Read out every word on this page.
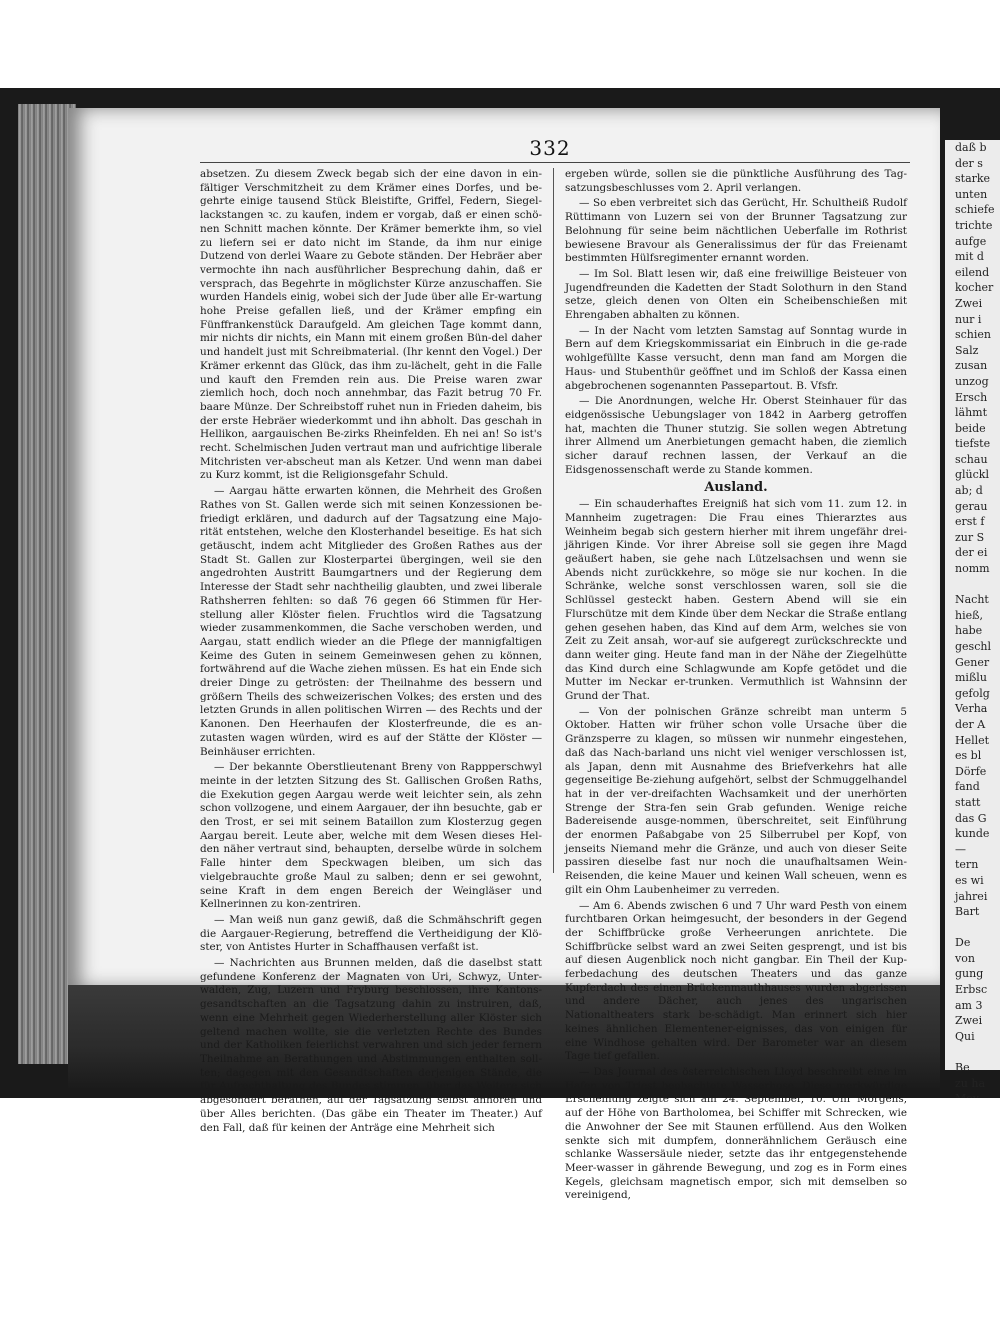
daß b
der s
starke
unten
schiefe
trichte
aufge
mit d
eilend
kocher
Zwei
nur i
schien
Salz
zusan
unzog
Ersch
lähmt
beide
tiefste
schau
glückl
ab; d
gerau
erst f
zur S
der ei
nomm

Nacht
hieß,
habe
geschl
Gener
mißlu
gefolg
Verha
der A
Hellet
es bl
Dörfe
fand
statt
das G
kunde
—
tern
es wi
jahrei
Bart

De
von
gung
Erbsc
am 3
Zwei
Qui

Be
zu ha

332

absetzen. Zu diesem Zweck begab sich der eine davon in ein-fältiger Verschmitzheit zu dem Krämer eines Dorfes, und be-gehrte einige tausend Stück Bleistifte, Griffel, Federn, Siegel-lackstangen ꝛc. zu kaufen, indem er vorgab, daß er einen schö-nen Schnitt machen könnte. Der Krämer bemerkte ihm, so viel zu liefern sei er dato nicht im Stande, da ihm nur einige Dutzend von derlei Waare zu Gebote ständen. Der Hebräer aber vermochte ihn nach ausführlicher Besprechung dahin, daß er versprach, das Begehrte in möglichster Kürze anzuschaffen. Sie wurden Handels einig, wobei sich der Jude über alle Er-wartung hohe Preise gefallen ließ, und der Krämer empfing ein Fünffrankenstück Daraufgeld. Am gleichen Tage kommt dann, mir nichts dir nichts, ein Mann mit einem großen Bün-del daher und handelt just mit Schreibmaterial. (Ihr kennt den Vogel.) Der Krämer erkennt das Glück, das ihm zu-lächelt, geht in die Falle und kauft den Fremden rein aus. Die Preise waren zwar ziemlich hoch, doch noch annehmbar, das Fazit betrug 70 Fr. baare Münze. Der Schreibstoff ruhet nun in Frieden daheim, bis der erste Hebräer wiederkommt und ihn abholt. Das geschah in Hellikon, aargauischen Be-zirks Rheinfelden. Eh nei an! So ist's recht. Schelmischen Juden vertraut man und aufrichtige liberale Mitchristen ver-abscheut man als Ketzer. Und wenn man dabei zu Kurz kommt, ist die Religionsgefahr Schuld.

— Aargau hätte erwarten können, die Mehrheit des Großen Rathes von St. Gallen werde sich mit seinen Konzessionen be-friedigt erklären, und dadurch auf der Tagsatzung eine Majo-rität entstehen, welche den Klosterhandel beseitige. Es hat sich getäuscht, indem acht Mitglieder des Großen Rathes aus der Stadt St. Gallen zur Klosterpartei übergingen, weil sie den angedrohten Austritt Baumgartners und der Regierung dem Interesse der Stadt sehr nachtheilig glaubten, und zwei liberale Rathsherren fehlten: so daß 76 gegen 66 Stimmen für Her-stellung aller Klöster fielen. Fruchtlos wird die Tagsatzung wieder zusammenkommen, die Sache verschoben werden, und Aargau, statt endlich wieder an die Pflege der mannigfaltigen Keime des Guten in seinem Gemeinwesen gehen zu können, fortwährend auf die Wache ziehen müssen. Es hat ein Ende sich dreier Dinge zu getrösten: der Theilnahme des bessern und größern Theils des schweizerischen Volkes; des ersten und des letzten Grunds in allen politischen Wirren — des Rechts und der Kanonen. Den Heerhaufen der Klosterfreunde, die es an-zutasten wagen würden, wird es auf der Stätte der Klöster — Beinhäuser errichten.

— Der bekannte Oberstlieutenant Breny von Rappperschwyl meinte in der letzten Sitzung des St. Gallischen Großen Raths, die Exekution gegen Aargau werde weit leichter sein, als zehn schon vollzogene, und einem Aargauer, der ihn besuchte, gab er den Trost, er sei mit seinem Bataillon zum Klosterzug gegen Aargau bereit. Leute aber, welche mit dem Wesen dieses Hel-den näher vertraut sind, behaupten, derselbe würde in solchem Falle hinter dem Speckwagen bleiben, um sich das vielgebrauchte große Maul zu salben; denn er sei gewohnt, seine Kraft in dem engen Bereich der Weingläser und Kellnerinnen zu kon-zentriren.

— Man weiß nun ganz gewiß, daß die Schmähschrift gegen die Aargauer-Regierung, betreffend die Vertheidigung der Klö-ster, von Antistes Hurter in Schaffhausen verfaßt ist.

— Nachrichten aus Brunnen melden, daß die daselbst statt gefundene Konferenz der Magnaten von Uri, Schwyz, Unter-walden, Zug, Luzern und Fryburg beschlossen, ihre Kantons-gesandtschaften an die Tagsatzung dahin zu instruiren, daß, wenn eine Mehrheit gegen Wiederherstellung aller Klöster sich geltend machen wollte, sie die verletzten Rechte des Bundes und der Katholiken feierlichst verwahren und sich jeder fernern Theilnahme an Berathungen und Abstimmungen enthalten soll-ten; dagegen mit den Gesandtschaften derjenigen Stände, die für Aufrechthaltung des Bundes stimmen, über das Weitere sich abgesondert berathen, auf der Tagsatzung selbst anhören und über Alles berichten. (Das gäbe ein Theater im Theater.) Auf den Fall, daß für keinen der Anträge eine Mehrheit sich

ergeben würde, sollen sie die pünktliche Ausführung des Tag-satzungsbeschlusses vom 2. April verlangen.

— So eben verbreitet sich das Gerücht, Hr. Schultheiß Rudolf Rüttimann von Luzern sei von der Brunner Tagsatzung zur Belohnung für seine beim nächtlichen Ueberfalle im Rothrist bewiesene Bravour als Generalissimus der für das Freienamt bestimmten Hülfsregimenter ernannt worden.

— Im Sol. Blatt lesen wir, daß eine freiwillige Beisteuer von Jugendfreunden die Kadetten der Stadt Solothurn in den Stand setze, gleich denen von Olten ein Scheibenschießen mit Ehrengaben abhalten zu können.

— In der Nacht vom letzten Samstag auf Sonntag wurde in Bern auf dem Kriegskommissariat ein Einbruch in die ge-rade wohlgefüllte Kasse versucht, denn man fand am Morgen die Haus- und Stubenthür geöffnet und im Schloß der Kassa einen abgebrochenen sogenannten Passepartout. B. Vfsfr.

— Die Anordnungen, welche Hr. Oberst Steinhauer für das eidgenössische Uebungslager von 1842 in Aarberg getroffen hat, machten die Thuner stutzig. Sie sollen wegen Abtretung ihrer Allmend um Anerbietungen gemacht haben, die ziemlich sicher darauf rechnen lassen, der Verkauf an die Eidsgenossenschaft werde zu Stande kommen.

Ausland.

— Ein schauderhaftes Ereigniß hat sich vom 11. zum 12. in Mannheim zugetragen: Die Frau eines Thierarztes aus Weinheim begab sich gestern hierher mit ihrem ungefähr drei-jährigen Kinde. Vor ihrer Abreise soll sie gegen ihre Magd geäußert haben, sie gehe nach Lützelsachsen und wenn sie Abends nicht zurückkehre, so möge sie nur kochen. In die Schränke, welche sonst verschlossen waren, soll sie die Schlüssel gesteckt haben. Gestern Abend will sie ein Flurschütze mit dem Kinde über dem Neckar die Straße entlang gehen gesehen haben, das Kind auf dem Arm, welches sie von Zeit zu Zeit ansah, wor-auf sie aufgeregt zurückschreckte und dann weiter ging. Heute fand man in der Nähe der Ziegelhütte das Kind durch eine Schlagwunde am Kopfe getödet und die Mutter im Neckar er-trunken. Vermuthlich ist Wahnsinn der Grund der That.

— Von der polnischen Gränze schreibt man unterm 5 Oktober. Hatten wir früher schon volle Ursache über die Gränzsperre zu klagen, so müssen wir nunmehr eingestehen, daß das Nach-barland uns nicht viel weniger verschlossen ist, als Japan, denn mit Ausnahme des Briefverkehrs hat alle gegenseitige Be-ziehung aufgehört, selbst der Schmuggelhandel hat in der ver-dreifachten Wachsamkeit und der unerhörten Strenge der Stra-fen sein Grab gefunden. Wenige reiche Badereisende ausge-nommen, überschreitet, seit Einführung der enormen Paßabgabe von 25 Silberrubel per Kopf, von jenseits Niemand mehr die Gränze, und auch von dieser Seite passiren dieselbe fast nur noch die unaufhaltsamen Wein-Reisenden, die keine Mauer und keinen Wall scheuen, wenn es gilt ein Ohm Laubenheimer zu verreden.

— Am 6. Abends zwischen 6 und 7 Uhr ward Pesth von einem furchtbaren Orkan heimgesucht, der besonders in der Gegend der Schiffbrücke große Verheerungen anrichtete. Die Schiffbrücke selbst ward an zwei Seiten gesprengt, und ist bis auf diesen Augenblick noch nicht gangbar. Ein Theil der Kup-ferbedachung des deutschen Theaters und das ganze Kupferdach des einen Brückenmauthhauses wurden abgerissen und andere Dächer, auch jenes des ungarischen Nationaltheaters stark be-schädigt. Man erinnert sich hier keines ähnlichen Elementener-eignisses, das von einigen für eine Windhose gehalten wird. Der Barometer war an diesem Tage tief gefallen.

— Das Journal des österreichischen Lloyd beschreibt eine im Hafen von Triest beobachtete Wasserhose. Diese merkwürdige Erscheinung zeigte sich am 24. September, 10. Uhr Morgens, auf der Höhe von Bartholomea, bei Schiffer mit Schrecken, wie die Anwohner der See mit Staunen erfüllend. Aus den Wolken senkte sich mit dumpfem, donnerähnlichem Geräusch eine schlanke Wassersäule nieder, setzte das ihr entgegenstehende Meer-wasser in gährende Bewegung, und zog es in Form eines Kegels, gleichsam magnetisch empor, sich mit demselben so vereinigend,
